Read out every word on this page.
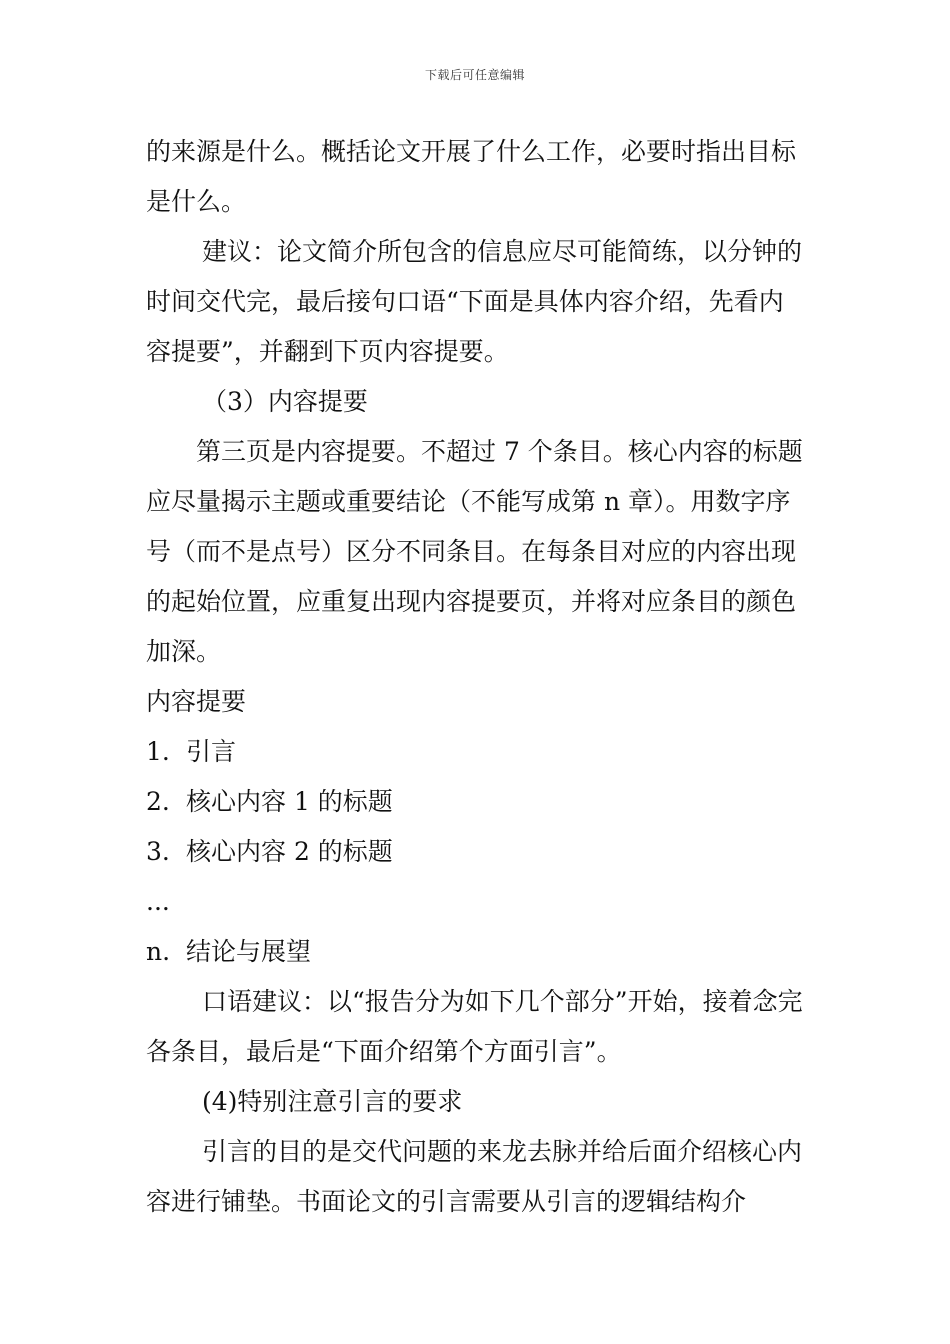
下载后可任意编辑

的来源是什么。概括论文开展了什么工作，必要时指出目标是什么。

建议：论文简介所包含的信息应尽可能简练，以分钟的时间交代完，最后接句口语“下面是具体内容介绍，先看内容提要”，并翻到下页内容提要。

（3）内容提要

第三页是内容提要。不超过 7 个条目。核心内容的标题应尽量揭示主题或重要结论（不能写成第 n 章）。用数字序号（而不是点号）区分不同条目。在每条目对应的内容出现的起始位置，应重复出现内容提要页，并将对应条目的颜色加深。

内容提要

1. 引言

2. 核心内容 1 的标题

3. 核心内容 2 的标题

...

n. 结论与展望

口语建议：以“报告分为如下几个部分”开始，接着念完各条目，最后是“下面介绍第个方面引言”。

(4)特别注意引言的要求

引言的目的是交代问题的来龙去脉并给后面介绍核心内容进行铺垫。书面论文的引言需要从引言的逻辑结构介
